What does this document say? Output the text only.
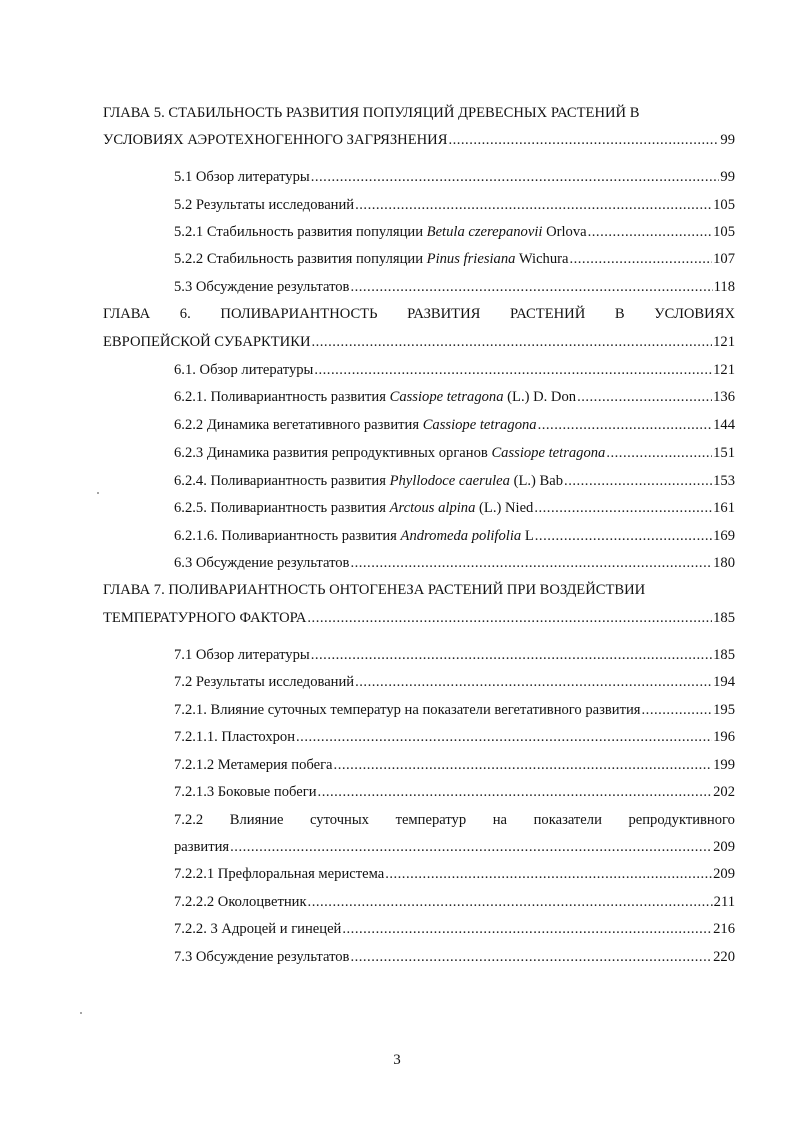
ГЛАВА 5. СТАБИЛЬНОСТЬ РАЗВИТИЯ ПОПУЛЯЦИЙ ДРЕВЕСНЫХ РАСТЕНИЙ В
УСЛОВИЯХ АЭРОТЕХНОГЕННОГО ЗАГРЯЗНЕНИЯ .....	99
5.1 Обзор литературы .....	99
5.2 Результаты исследований .....	105
5.2.1 Стабильность развития популяции Betula czerepanovii Orlova .....	105
5.2.2 Стабильность развития популяции Pinus friesiana Wichura .....	107
5.3 Обсуждение результатов .....	118
ГЛАВА 6. ПОЛИВАРИАНТНОСТЬ РАЗВИТИЯ РАСТЕНИЙ В УСЛОВИЯХ
ЕВРОПЕЙСКОЙ СУБАРКТИКИ .....	121
6.1. Обзор литературы .....	121
6.2.1. Поливариантность развития Cassiope tetragona (L.) D. Don .....	136
6.2.2 Динамика вегетативного развития Cassiope tetragona .....	144
6.2.3 Динамика развития репродуктивных органов Cassiope tetragona .....	151
6.2.4. Поливариантность развития Phyllodoce caerulea (L.) Bab .....	153
6.2.5. Поливариантность развития Arctous alpina (L.) Nied .....	161
6.2.1.6. Поливариантность развития Andromeda polifolia L .....	169
6.3 Обсуждение результатов .....	180
ГЛАВА 7. ПОЛИВАРИАНТНОСТЬ ОНТОГЕНЕЗА РАСТЕНИЙ ПРИ ВОЗДЕЙСТВИИ
ТЕМПЕРАТУРНОГО ФАКТОРА .....	185
7.1 Обзор литературы .....	185
7.2 Результаты исследований .....	194
7.2.1. Влияние суточных температур на показатели вегетативного развития .....	195
7.2.1.1. Пластохрон .....	196
7.2.1.2 Метамерия побега .....	199
7.2.1.3 Боковые побеги .....	202
7.2.2 Влияние суточных температур на показатели репродуктивного
развития .....	209
7.2.2.1 Префлоральная меристема .....	209
7.2.2.2 Околоцветник .....	211
7.2.2. 3 Адроцей и гинецей .....	216
7.3 Обсуждение результатов .....	220
3
